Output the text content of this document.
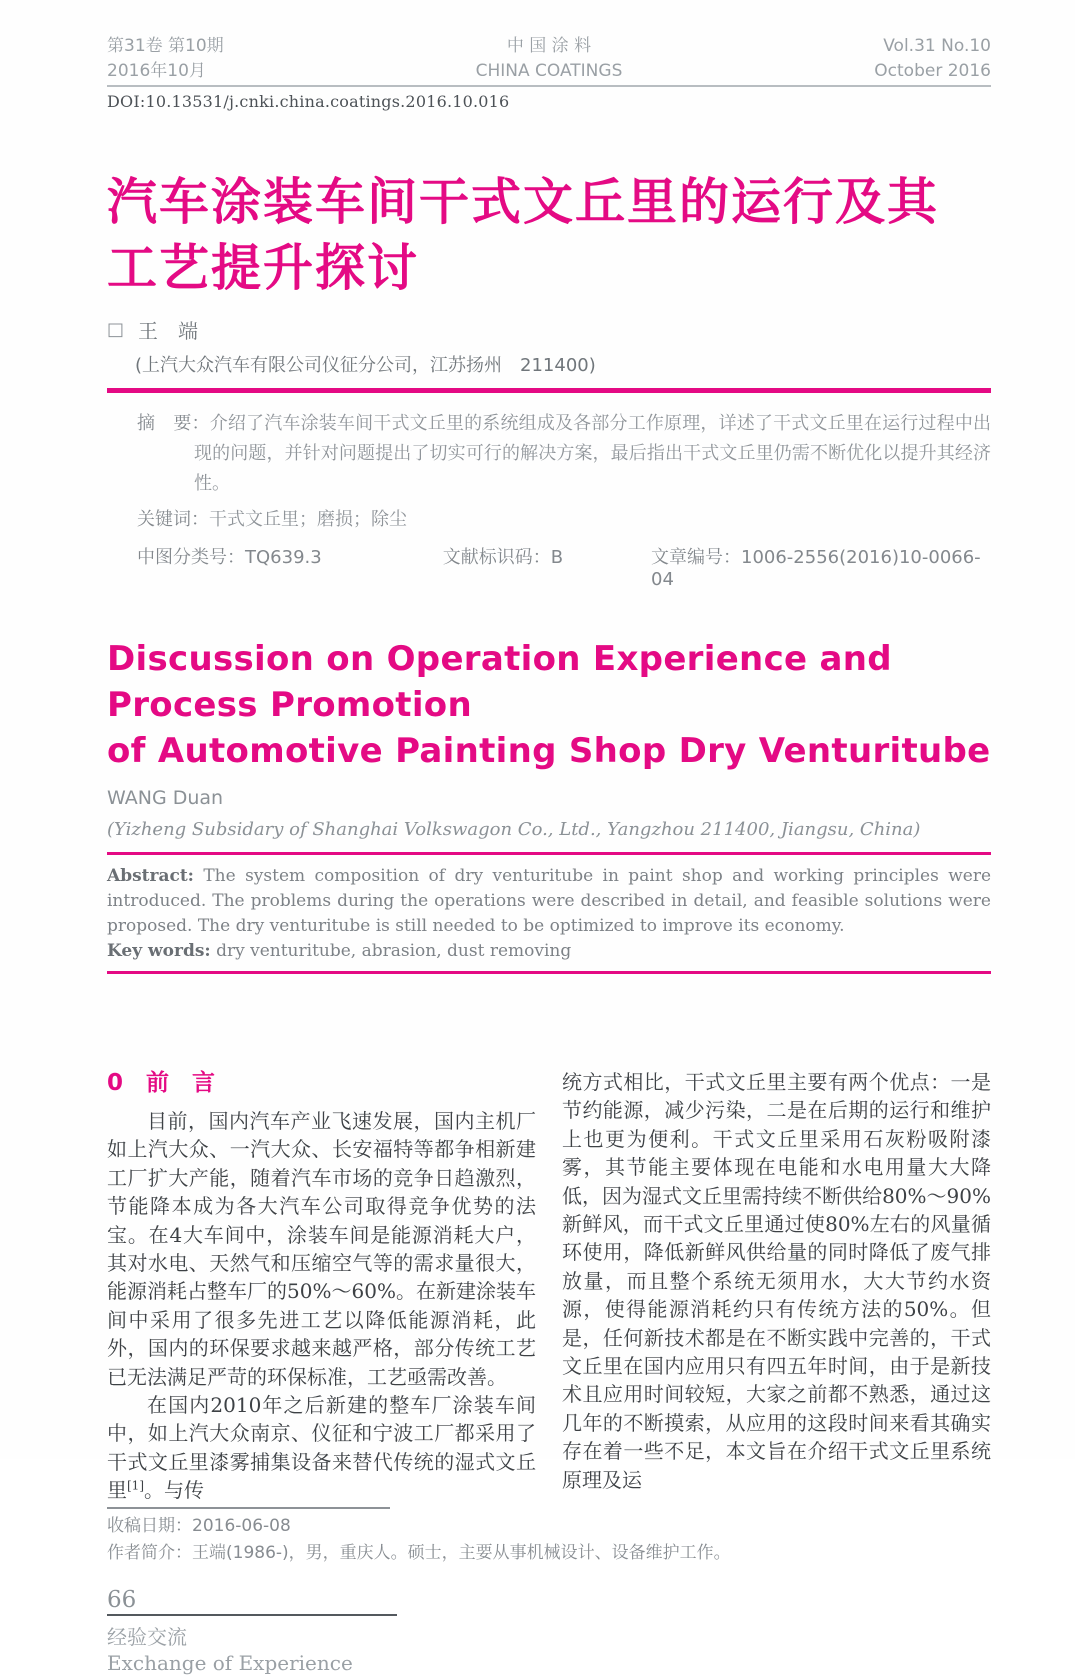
第31卷 第10期
2016年10月
中 国 涂 料
CHINA COATINGS
Vol.31 No.10
October 2016
DOI:10.13531/j.cnki.china.coatings.2016.10.016
汽车涂装车间干式文丘里的运行及其
工艺提升探讨
□ 王　端
(上汽大众汽车有限公司仪征分公司，江苏扬州　211400)
摘　要：介绍了汽车涂装车间干式文丘里的系统组成及各部分工作原理，详述了干式文丘里在运行过程中出现的问题，并针对问题提出了切实可行的解决方案，最后指出干式文丘里仍需不断优化以提升其经济性。
关键词：干式文丘里；磨损；除尘
中图分类号：TQ639.3	文献标识码：B	文章编号：1006-2556(2016)10-0066-04
Discussion on Operation Experience and Process Promotion
of Automotive Painting Shop Dry Venturitube
WANG Duan
(Yizheng Subsidary of Shanghai Volkswagon Co., Ltd., Yangzhou 211400, Jiangsu, China)
Abstract: The system composition of dry venturitube in paint shop and working principles were introduced. The problems during the operations were described in detail, and feasible solutions were proposed. The dry venturitube is still needed to be optimized to improve its economy.
Key words: dry venturitube, abrasion, dust removing
0　前　言

目前，国内汽车产业飞速发展，国内主机厂如上汽大众、一汽大众、长安福特等都争相新建工厂扩大产能，随着汽车市场的竞争日趋激烈，节能降本成为各大汽车公司取得竞争优势的法宝。在4大车间中，涂装车间是能源消耗大户，其对水电、天然气和压缩空气等的需求量很大，能源消耗占整车厂的50%～60%。在新建涂装车间中采用了很多先进工艺以降低能源消耗，此外，国内的环保要求越来越严格，部分传统工艺已无法满足严苛的环保标准，工艺亟需改善。

在国内2010年之后新建的整车厂涂装车间中，如上汽大众南京、仪征和宁波工厂都采用了干式文丘里漆雾捕集设备来替代传统的湿式文丘里[1]。与传

统方式相比，干式文丘里主要有两个优点：一是节约能源，减少污染，二是在后期的运行和维护上也更为便利。干式文丘里采用石灰粉吸附漆雾，其节能主要体现在电能和水电用量大大降低，因为湿式文丘里需持续不断供给80%～90%新鲜风，而干式文丘里通过使80%左右的风量循环使用，降低新鲜风供给量的同时降低了废气排放量，而且整个系统无须用水，大大节约水资源，使得能源消耗约只有传统方法的50%。但是，任何新技术都是在不断实践中完善的，干式文丘里在国内应用只有四五年时间，由于是新技术且应用时间较短，大家之前都不熟悉，通过这几年的不断摸索，从应用的这段时间来看其确实存在着一些不足，本文旨在介绍干式文丘里系统原理及运

收稿日期：2016-06-08
作者简介：王端(1986-)，男，重庆人。硕士，主要从事机械设计、设备维护工作。
66
经验交流
Exchange of Experience
